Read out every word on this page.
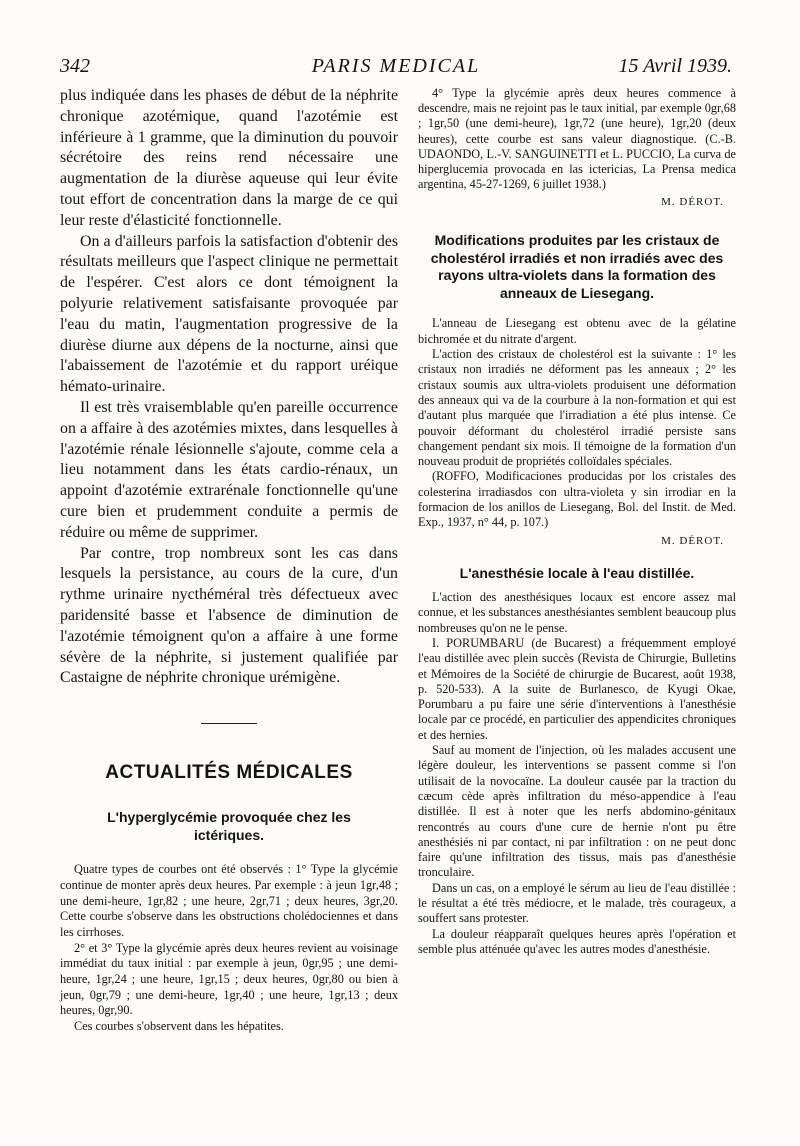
342	PARIS MEDICAL	15 Avril 1939.

plus indiquée dans les phases de début de la néphrite chronique azotémique, quand l'azotémie est inférieure à 1 gramme, que la diminution du pouvoir sécrétoire des reins rend nécessaire une augmentation de la diurèse aqueuse qui leur évite tout effort de concentration dans la marge de ce qui leur reste d'élasticité fonctionnelle.

On a d'ailleurs parfois la satisfaction d'obtenir des résultats meilleurs que l'aspect clinique ne permettait de l'espérer. C'est alors ce dont témoignent la polyurie relativement satisfaisante provoquée par l'eau du matin, l'augmentation progressive de la diurèse diurne aux dépens de la nocturne, ainsi que l'abaissement de l'azotémie et du rapport uréique hémato-urinaire.

Il est très vraisemblable qu'en pareille occurrence on a affaire à des azotémies mixtes, dans lesquelles à l'azotémie rénale lésionnelle s'ajoute, comme cela a lieu notamment dans les états cardio-rénaux, un appoint d'azotémie extrarénale fonctionnelle qu'une cure bien et prudemment conduite a permis de réduire ou même de supprimer.

Par contre, trop nombreux sont les cas dans lesquels la persistance, au cours de la cure, d'un rythme urinaire nycthéméral très défectueux avec paridensité basse et l'absence de diminution de l'azotémie témoignent qu'on a affaire à une forme sévère de la néphrite, si justement qualifiée par Castaigne de néphrite chronique urémigène.

ACTUALITÉS MÉDICALES
L'hyperglycémie provoquée chez les ictériques.

Quatre types de courbes ont été observés : 1° Type la glycémie continue de monter après deux heures. Par exemple : à jeun 1gr,48 ; une demi-heure, 1gr,82 ; une heure, 2gr,71 ; deux heures, 3gr,20. Cette courbe s'observe dans les obstructions cholédociennes et dans les cirrhoses.

2° et 3° Type la glycémie après deux heures revient au voisinage immédiat du taux initial : par exemple à jeun, 0gr,95 ; une demi-heure, 1gr,24 ; une heure, 1gr,15 ; deux heures, 0gr,80 ou bien à jeun, 0gr,79 ; une demi-heure, 1gr,40 ; une heure, 1gr,13 ; deux heures, 0gr,90.

Ces courbes s'observent dans les hépatites.

4° Type la glycémie après deux heures commence à descendre, mais ne rejoint pas le taux initial, par exemple 0gr,68 ; 1gr,50 (une demi-heure), 1gr,72 (une heure), 1gr,20 (deux heures), cette courbe est sans valeur diagnostique. (C.-B. UDAONDO, L.-V. SANGUINETTI et L. PUCCIO, La curva de hiperglucemia provocada en las ictericias, La Prensa medica argentina, 45-27-1269, 6 juillet 1938.)

M. DÉROT.
Modifications produites par les cristaux de cholestérol irradiés et non irradiés avec des rayons ultra-violets dans la formation des anneaux de Liesegang.

L'anneau de Liesegang est obtenu avec de la gélatine bichromée et du nitrate d'argent.

L'action des cristaux de cholestérol est la suivante : 1° les cristaux non irradiés ne déforment pas les anneaux ; 2° les cristaux soumis aux ultra-violets produisent une déformation des anneaux qui va de la courbure à la non-formation et qui est d'autant plus marquée que l'irradiation a été plus intense. Ce pouvoir déformant du cholestérol irradié persiste sans changement pendant six mois. Il témoigne de la formation d'un nouveau produit de propriétés colloïdales spéciales.

(ROFFO, Modificaciones producidas por los cristales des colesterina irradiasdos con ultra-violeta y sin irrodiar en la formacion de los anillos de Liesegang, Bol. del Instit. de Med. Exp., 1937, n° 44, p. 107.)

M. DÉROT.
L'anesthésie locale à l'eau distillée.

L'action des anesthésiques locaux est encore assez mal connue, et les substances anesthésiantes semblent beaucoup plus nombreuses qu'on ne le pense.

I. PORUMBARU (de Bucarest) a fréquemment employé l'eau distillée avec plein succès (Revista de Chirurgie, Bulletins et Mémoires de la Société de chirurgie de Bucarest, août 1938, p. 520-533). A la suite de Burlanesco, de Kyugi Okae, Porumbaru a pu faire une série d'interventions à l'anesthésie locale par ce procédé, en particulier des appendicites chroniques et des hernies.

Sauf au moment de l'injection, où les malades accusent une légère douleur, les interventions se passent comme si l'on utilisait de la novocaïne. La douleur causée par la traction du cæcum cède après infiltration du méso-appendice à l'eau distillée. Il est à noter que les nerfs abdomino-génitaux rencontrés au cours d'une cure de hernie n'ont pu être anesthésiés ni par contact, ni par infiltration : on ne peut donc faire qu'une infiltration des tissus, mais pas d'anesthésie tronculaire.

Dans un cas, on a employé le sérum au lieu de l'eau distillée : le résultat a été très médiocre, et le malade, très courageux, a souffert sans protester.

La douleur réapparaît quelques heures après l'opération et semble plus atténuée qu'avec les autres modes d'anesthésie.
